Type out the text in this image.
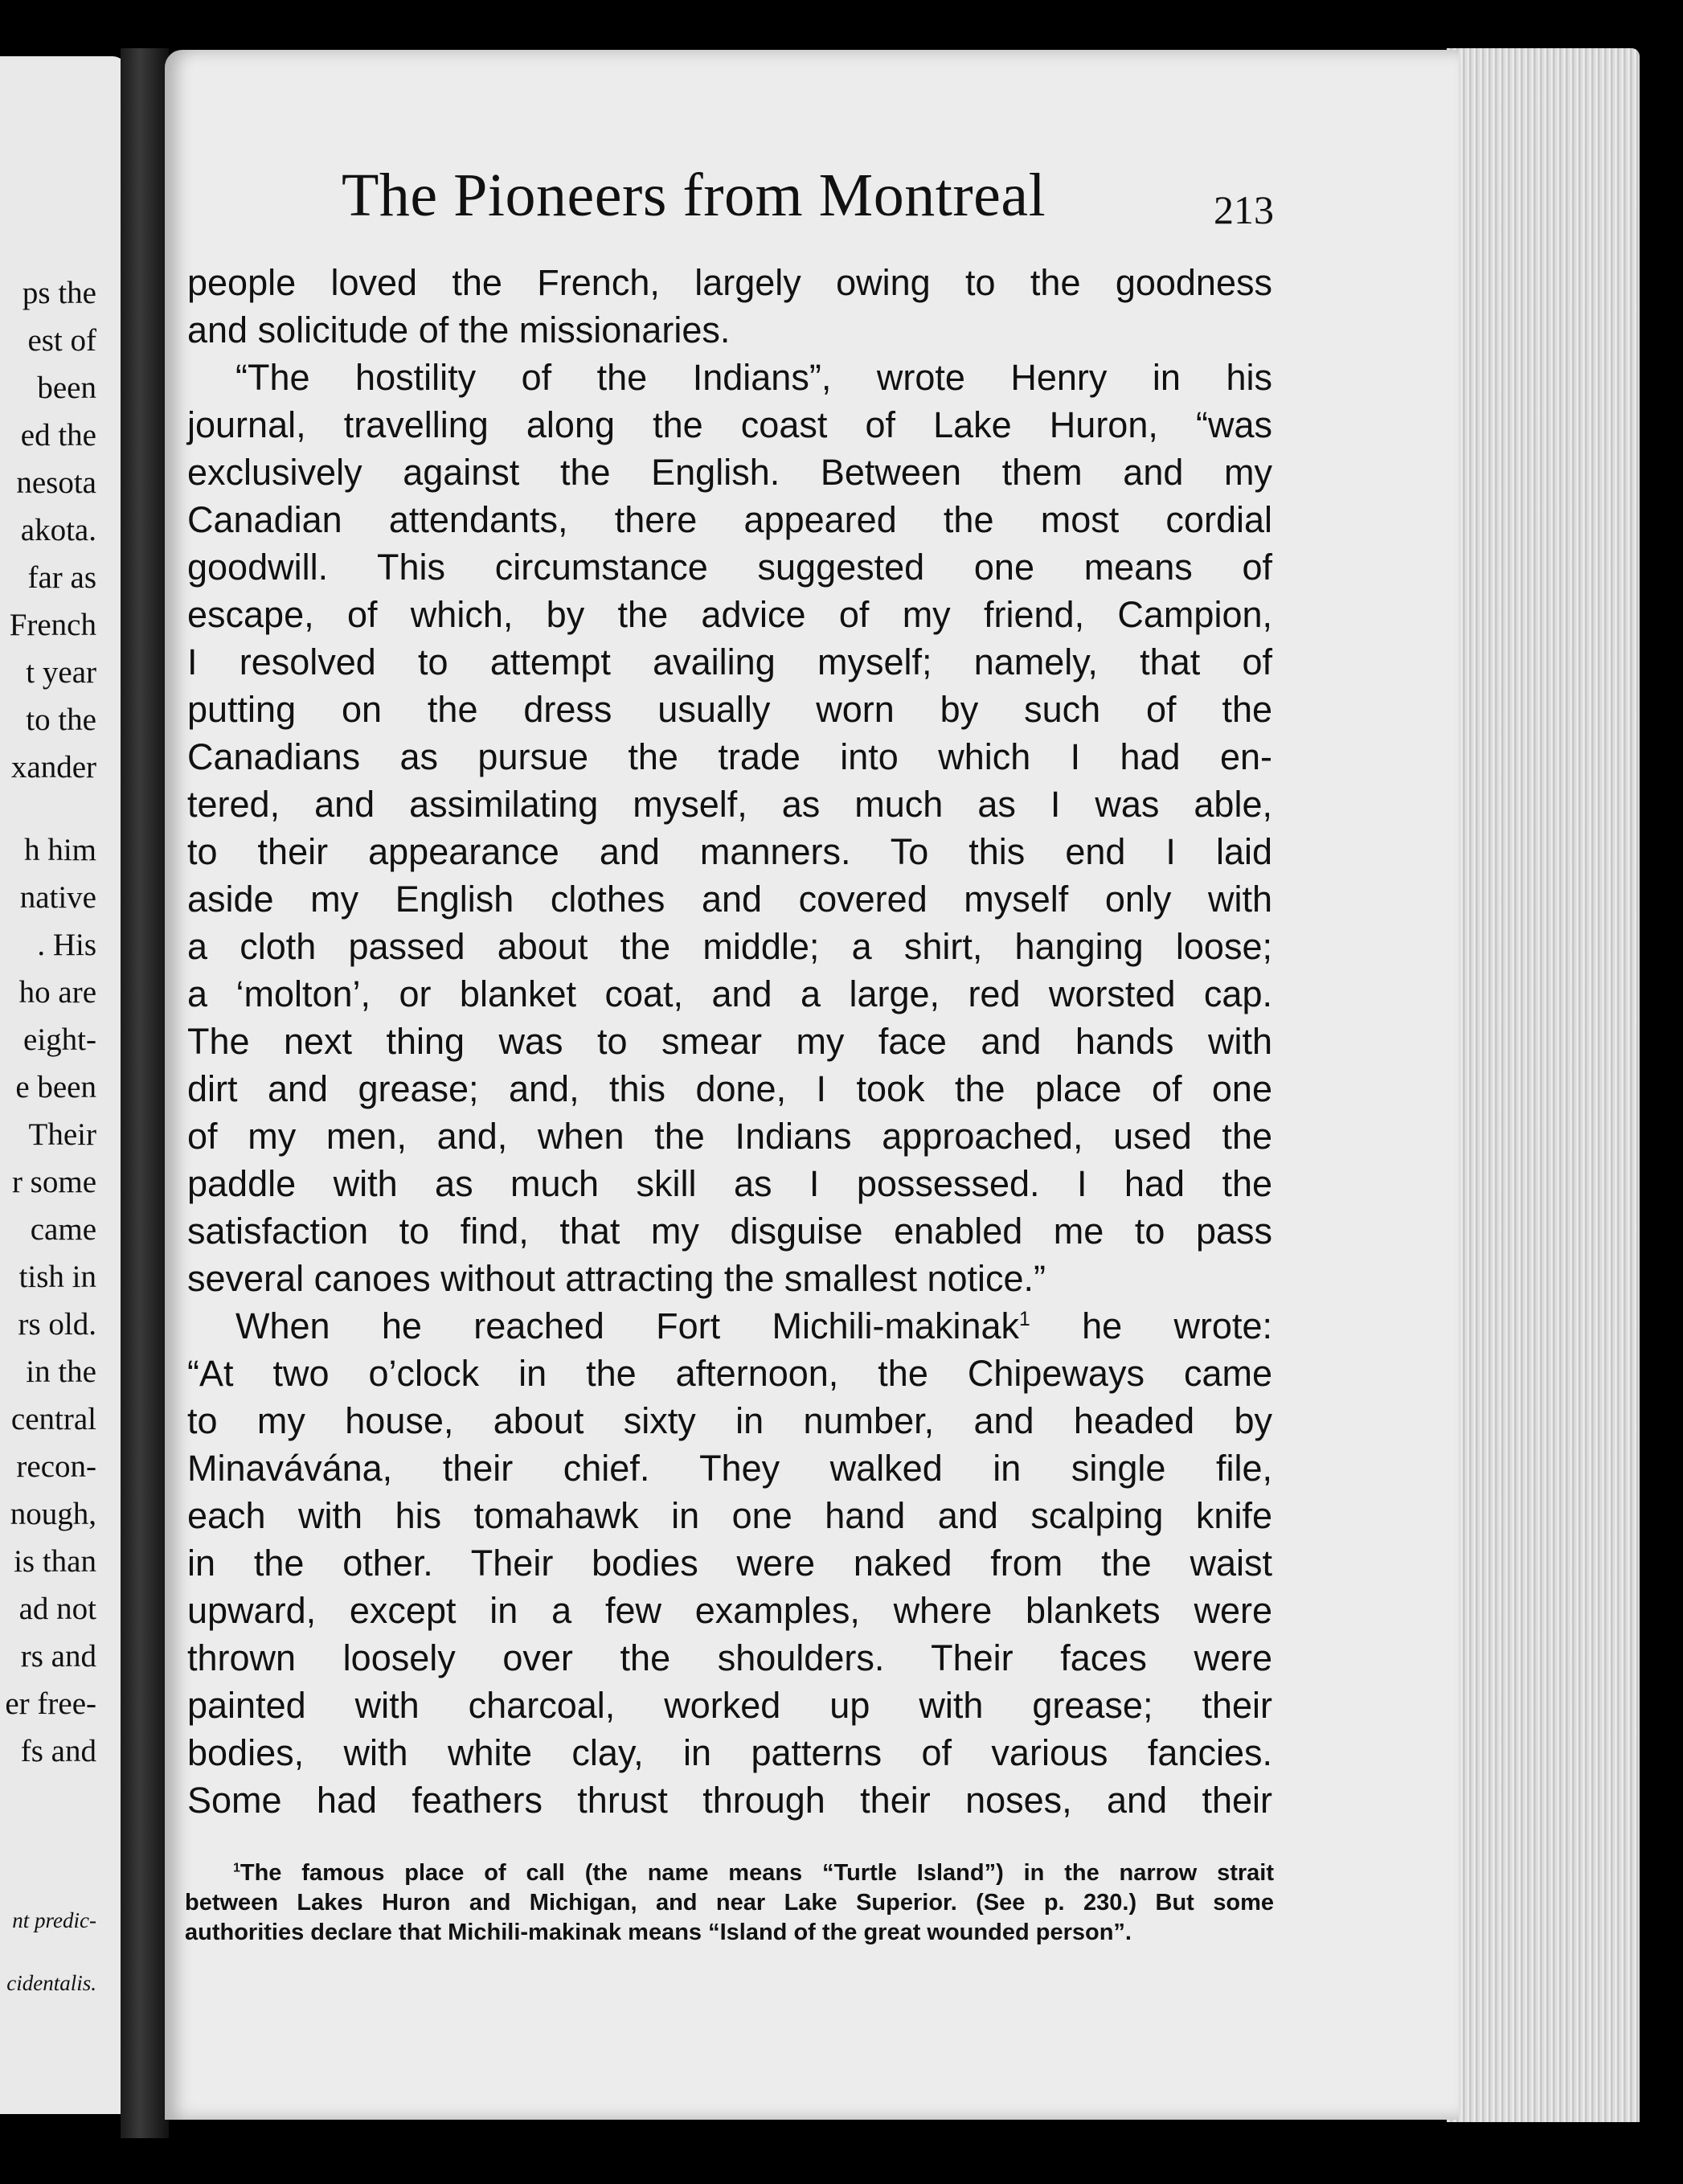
ps the
est of
been
ed the
nesota
akota.
far as
French
t year
to the
xander
h him
native
. His
ho are
eight-
e been
Their
r some
came
tish in
rs old.
in the
central
recon-
nough,
is than
ad not
rs and
er free-
fs and
nt predic-
cidentalis.
The Pioneers from Montreal	213
people loved the French, largely owing to the goodness
and solicitude of the missionaries.
“The hostility of the Indians”, wrote Henry in his
journal, travelling along the coast of Lake Huron, “was
exclusively against the English. Between them and my
Canadian attendants, there appeared the most cordial
goodwill. This circumstance suggested one means of
escape, of which, by the advice of my friend, Campion,
I resolved to attempt availing myself; namely, that of
putting on the dress usually worn by such of the
Canadians as pursue the trade into which I had en-
tered, and assimilating myself, as much as I was able,
to their appearance and manners. To this end I laid
aside my English clothes and covered myself only with
a cloth passed about the middle; a shirt, hanging loose;
a ‘molton’, or blanket coat, and a large, red worsted cap.
The next thing was to smear my face and hands with
dirt and grease; and, this done, I took the place of one
of my men, and, when the Indians approached, used the
paddle with as much skill as I possessed. I had the
satisfaction to find, that my disguise enabled me to pass
several canoes without attracting the smallest notice.”
When he reached Fort Michili-makinak$^1$ he wrote:
“At two o’clock in the afternoon, the Chipeways came
to my house, about sixty in number, and headed by
Minavávána, their chief. They walked in single file,
each with his tomahawk in one hand and scalping knife
in the other. Their bodies were naked from the waist
upward, except in a few examples, where blankets were
thrown loosely over the shoulders. Their faces were
painted with charcoal, worked up with grease; their
bodies, with white clay, in patterns of various fancies.
Some had feathers thrust through their noses, and their
$^1$The famous place of call (the name means “Turtle Island”) in the narrow strait
between Lakes Huron and Michigan, and near Lake Superior. (See p. 230.) But some
authorities declare that Michili-makinak means “Island of the great wounded person”.
